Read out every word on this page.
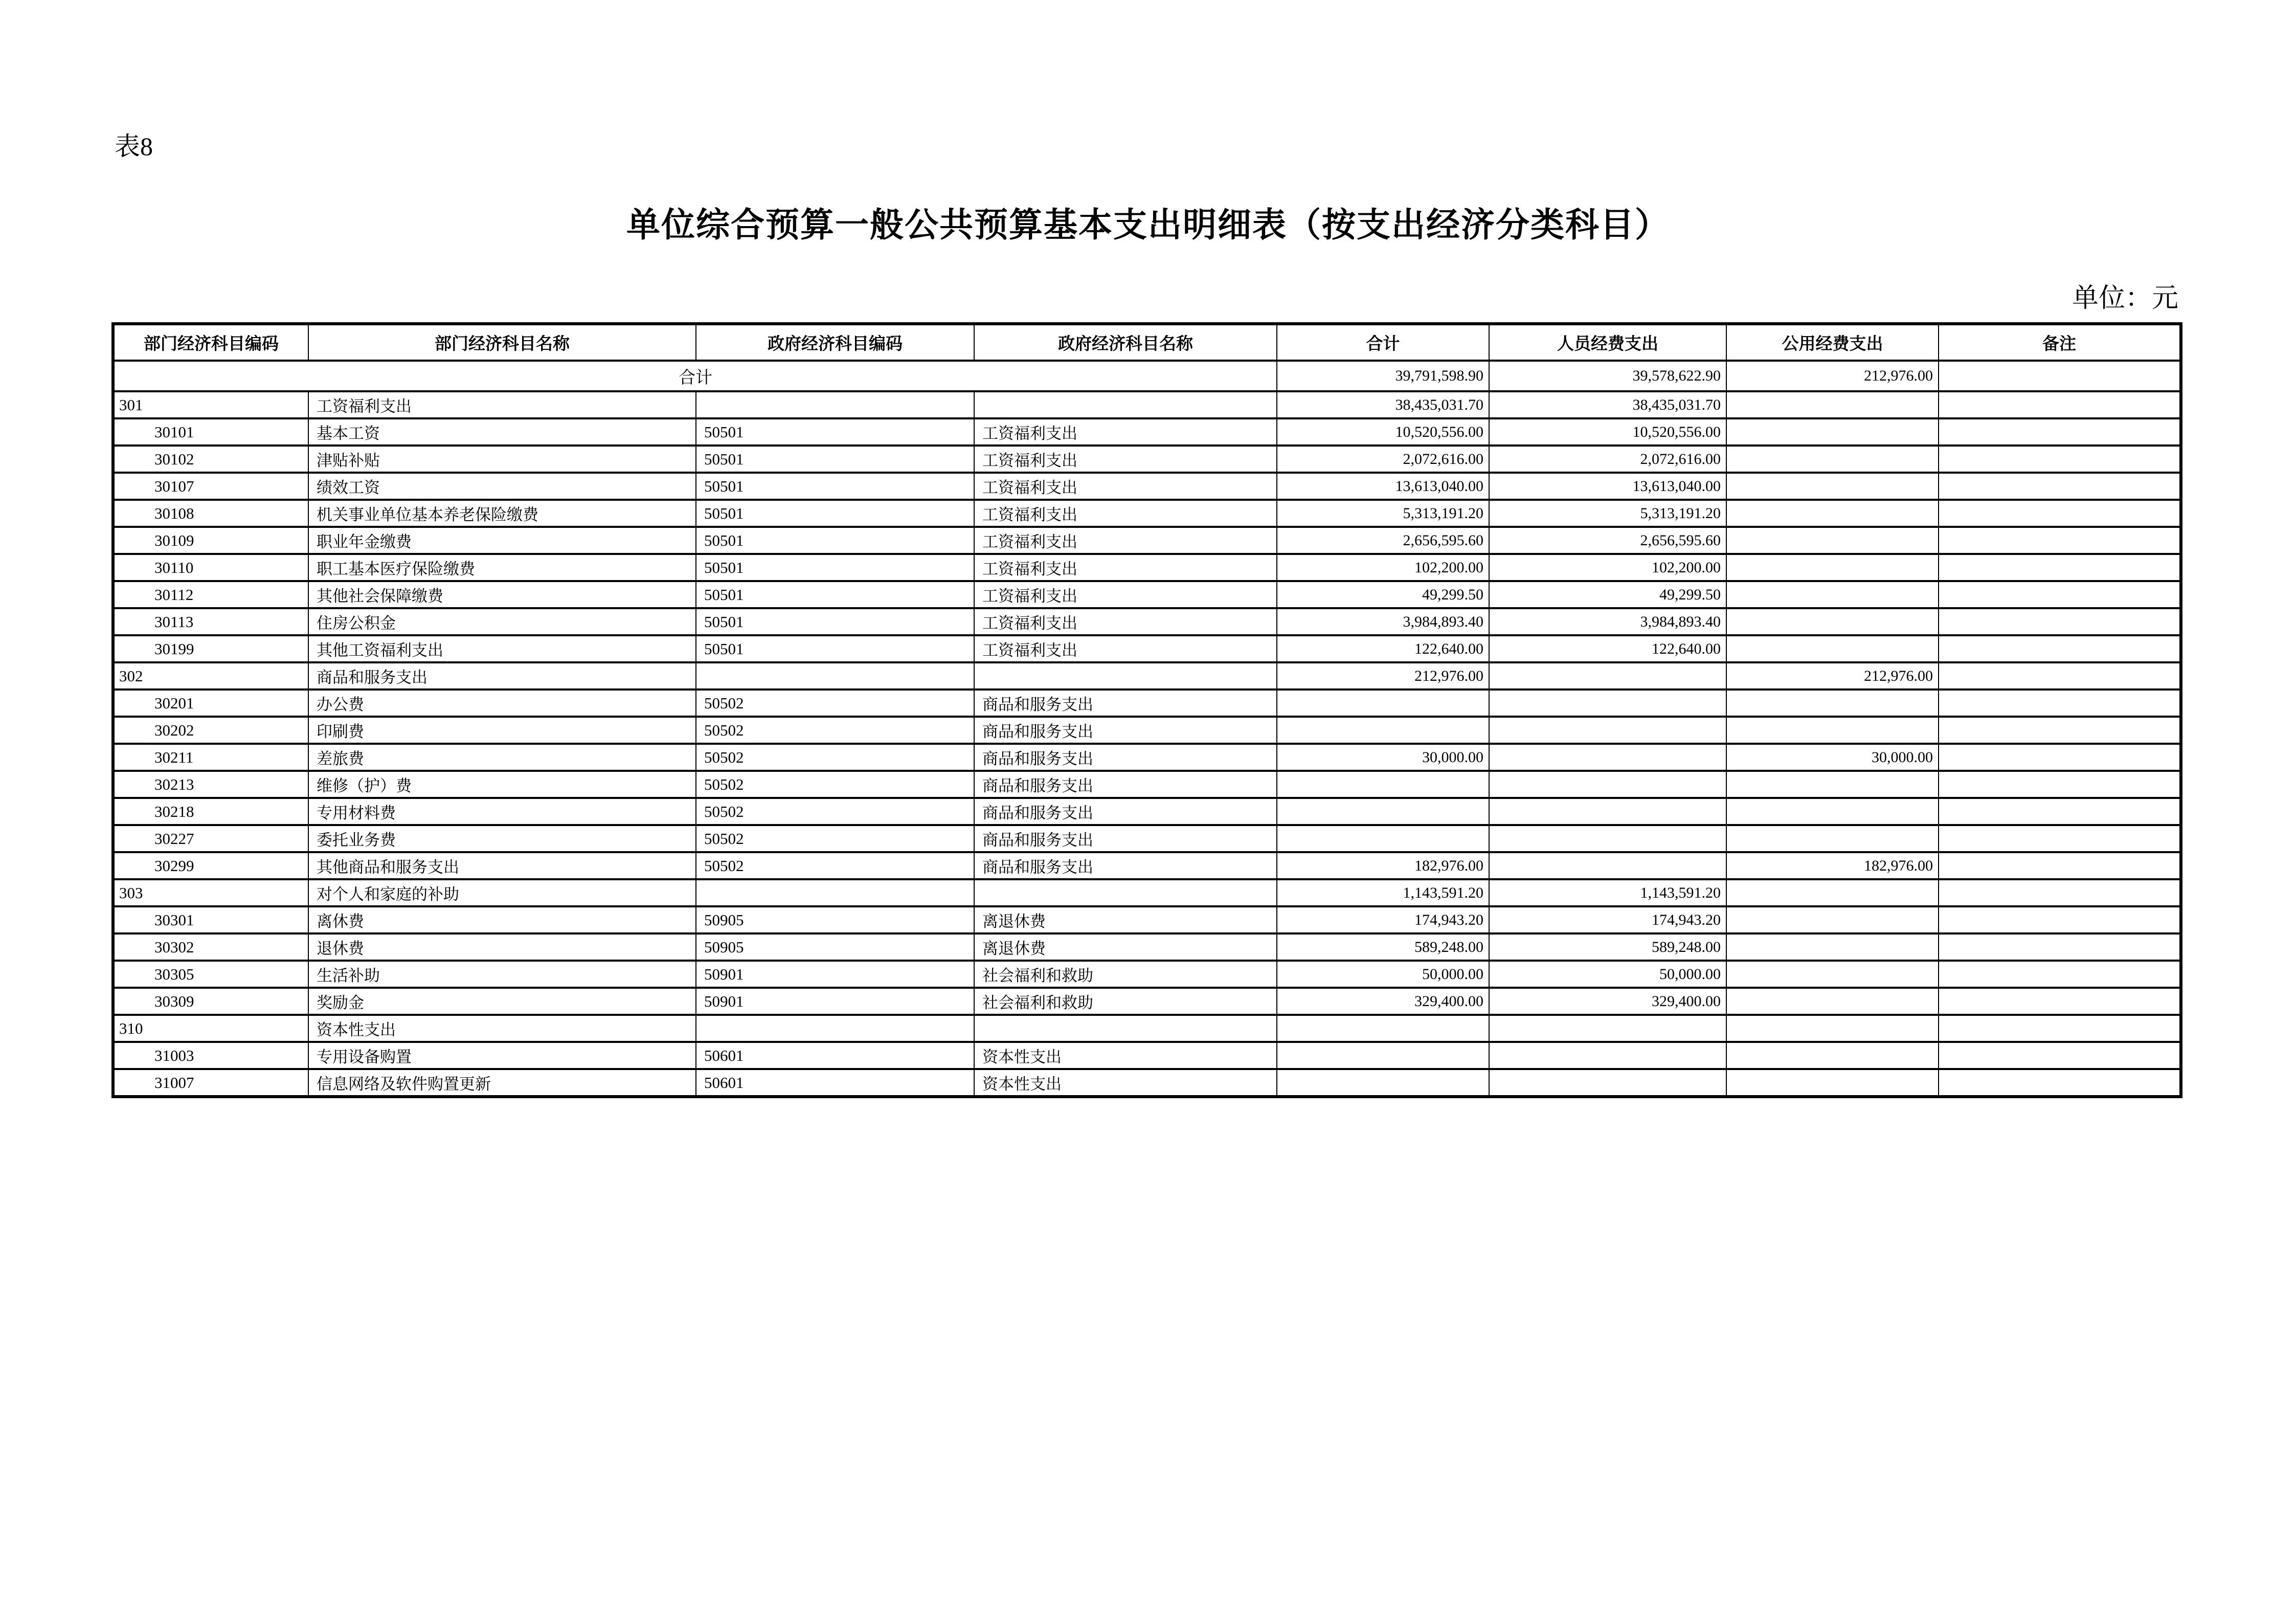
表8
单位综合预算一般公共预算基本支出明细表（按支出经济分类科目）
单位：元
部门经济科目编码	部门经济科目名称	政府经济科目编码	政府经济科目名称	合计	人员经费支出	公用经费支出	备注
合计				39,791,598.90	39,578,622.90	212,976.00	
301	工资福利支出			38,435,031.70	38,435,031.70		
30101	基本工资	50501	工资福利支出	10,520,556.00	10,520,556.00		
30102	津贴补贴	50501	工资福利支出	2,072,616.00	2,072,616.00		
30107	绩效工资	50501	工资福利支出	13,613,040.00	13,613,040.00		
30108	机关事业单位基本养老保险缴费	50501	工资福利支出	5,313,191.20	5,313,191.20		
30109	职业年金缴费	50501	工资福利支出	2,656,595.60	2,656,595.60		
30110	职工基本医疗保险缴费	50501	工资福利支出	102,200.00	102,200.00		
30112	其他社会保障缴费	50501	工资福利支出	49,299.50	49,299.50		
30113	住房公积金	50501	工资福利支出	3,984,893.40	3,984,893.40		
30199	其他工资福利支出	50501	工资福利支出	122,640.00	122,640.00		
302	商品和服务支出			212,976.00		212,976.00	
30201	办公费	50502	商品和服务支出				
30202	印刷费	50502	商品和服务支出				
30211	差旅费	50502	商品和服务支出	30,000.00		30,000.00	
30213	维修（护）费	50502	商品和服务支出				
30218	专用材料费	50502	商品和服务支出				
30227	委托业务费	50502	商品和服务支出				
30299	其他商品和服务支出	50502	商品和服务支出	182,976.00		182,976.00	
303	对个人和家庭的补助			1,143,591.20	1,143,591.20		
30301	离休费	50905	离退休费	174,943.20	174,943.20		
30302	退休费	50905	离退休费	589,248.00	589,248.00		
30305	生活补助	50901	社会福利和救助	50,000.00	50,000.00		
30309	奖励金	50901	社会福利和救助	329,400.00	329,400.00		
310	资本性支出						
31003	专用设备购置	50601	资本性支出				
31007	信息网络及软件购置更新	50601	资本性支出				
